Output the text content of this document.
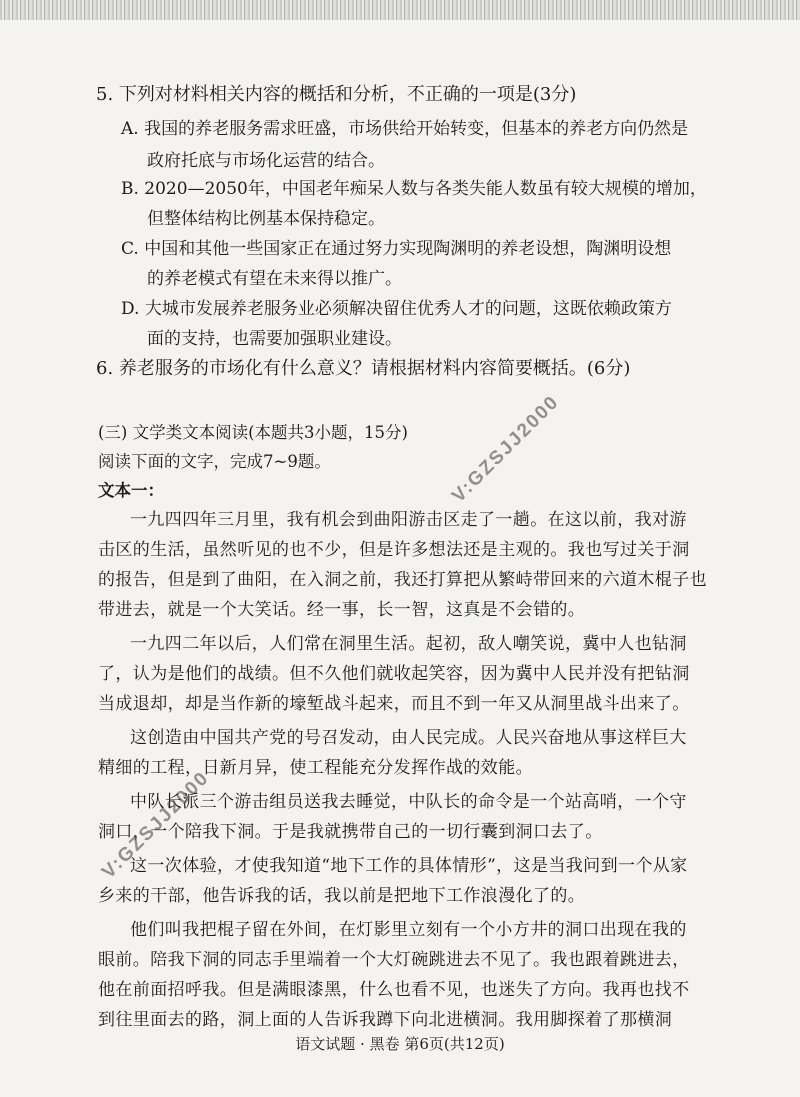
5. 下列对材料相关内容的概括和分析，不正确的一项是(3分)
A. 我国的养老服务需求旺盛，市场供给开始转变，但基本的养老方向仍然是
政府托底与市场化运营的结合。
B. 2020—2050年，中国老年痴呆人数与各类失能人数虽有较大规模的增加，
但整体结构比例基本保持稳定。
C. 中国和其他一些国家正在通过努力实现陶渊明的养老设想，陶渊明设想
的养老模式有望在未来得以推广。
D. 大城市发展养老服务业必须解决留住优秀人才的问题，这既依赖政策方
面的支持，也需要加强职业建设。
6. 养老服务的市场化有什么意义？请根据材料内容简要概括。(6分)
(三) 文学类文本阅读(本题共3小题，15分)
阅读下面的文字，完成7~9题。
文本一：
一九四四年三月里，我有机会到曲阳游击区走了一趟。在这以前，我对游
击区的生活，虽然听见的也不少，但是许多想法还是主观的。我也写过关于洞
的报告，但是到了曲阳，在入洞之前，我还打算把从繁峙带回来的六道木棍子也
带进去，就是一个大笑话。经一事，长一智，这真是不会错的。
一九四二年以后，人们常在洞里生活。起初，敌人嘲笑说，冀中人也钻洞
了，认为是他们的战绩。但不久他们就收起笑容，因为冀中人民并没有把钻洞
当成退却，却是当作新的壕堑战斗起来，而且不到一年又从洞里战斗出来了。
这创造由中国共产党的号召发动，由人民完成。人民兴奋地从事这样巨大
精细的工程，日新月异，使工程能充分发挥作战的效能。
中队长派三个游击组员送我去睡觉，中队长的命令是一个站高哨，一个守
洞口，一个陪我下洞。于是我就携带自己的一切行囊到洞口去了。
这一次体验，才使我知道“地下工作的具体情形”，这是当我问到一个从家
乡来的干部，他告诉我的话，我以前是把地下工作浪漫化了的。
他们叫我把棍子留在外间，在灯影里立刻有一个小方井的洞口出现在我的
眼前。陪我下洞的同志手里端着一个大灯碗跳进去不见了。我也跟着跳进去，
他在前面招呼我。但是满眼漆黑，什么也看不见，也迷失了方向。我再也找不
到往里面去的路，洞上面的人告诉我蹲下向北进横洞。我用脚探着了那横洞
V:GZSJJ2000
V:GZSJJ2000
语文试题 · 黑卷 第6页(共12页)
